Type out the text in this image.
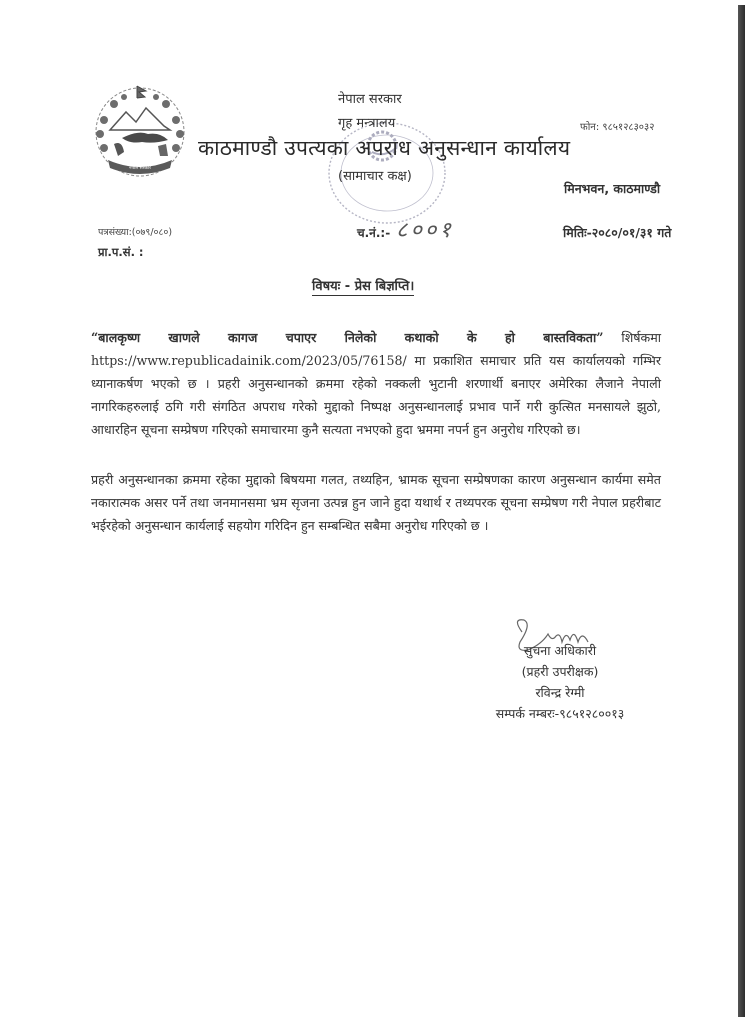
नेपाल सरकार
नेपाल सरकार
गृह मन्त्रालय
काठमाण्डौ उपत्यका अपराध अनुसन्धान कार्यालय
(सामाचार कक्ष)
फोन: ९८५१२८३०३२
मिनभवन, काठमाण्डौ
पत्रसंख्या:(०७९/०८०)
प्रा.प.सं. :
च.नं.:- ८००१	मितिः-२०८०/०१/३१ गते
विषयः - प्रेस बिज्ञप्ति।
“बालकृष्ण खाणले कागज चपाएर निलेको कथाको के हो बास्तविकता” शिर्षकमा https://www.republicadainik.com/2023/05/76158/ मा प्रकाशित समाचार प्रति यस कार्यालयको गम्भिर ध्यानाकर्षण भएको छ । प्रहरी अनुसन्धानको क्रममा रहेको नक्कली भुटानी शरणार्थी बनाएर अमेरिका लैजाने नेपाली नागरिकहरुलाई ठगि गरी संगठित अपराध गरेको मुद्दाको निष्पक्ष अनुसन्धानलाई प्रभाव पार्ने गरी कुत्सित मनसायले झुठो, आधारहिन सूचना सम्प्रेषण गरिएको समाचारमा कुनै सत्यता नभएको हुदा भ्रममा नपर्न हुन अनुरोध गरिएको छ।
प्रहरी अनुसन्धानका क्रममा रहेका मुद्दाको बिषयमा गलत, तथ्यहिन, भ्रामक सूचना सम्प्रेषणका कारण अनुसन्धान कार्यमा समेत नकारात्मक असर पर्ने तथा जनमानसमा भ्रम सृजना उत्पन्न हुन जाने हुदा यथार्थ र तथ्यपरक सूचना सम्प्रेषण गरी नेपाल प्रहरीबाट भईरहेको अनुसन्धान कार्यलाई सहयोग गरिदिन हुन सम्बन्धित सबैमा अनुरोध गरिएको छ ।
सुचना अधिकारी
(प्रहरी उपरीक्षक)
रविन्द्र रेग्मी
सम्पर्क नम्बरः-९८५१२८००१३
